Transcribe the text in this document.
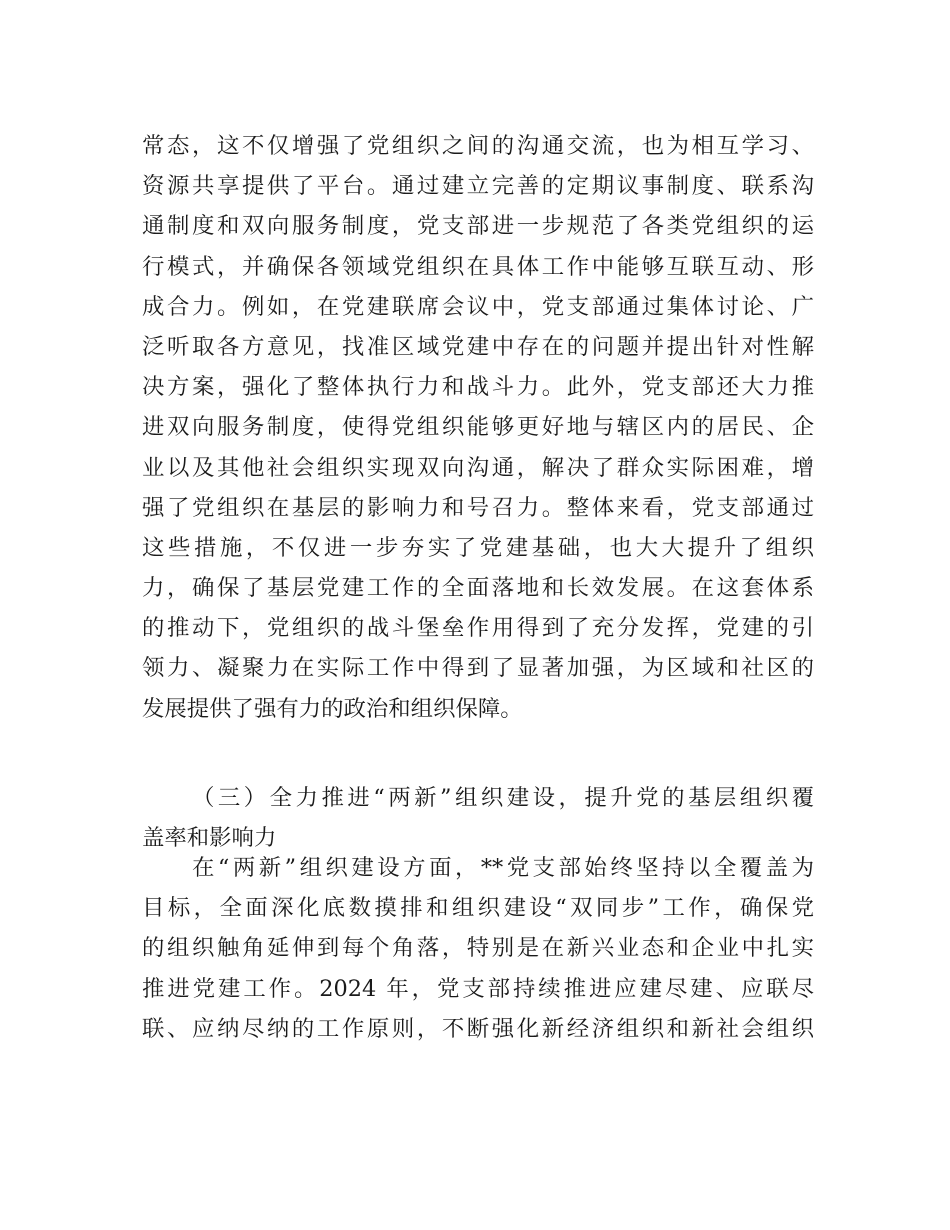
常态，这不仅增强了党组织之间的沟通交流，也为相互学习、
资源共享提供了平台。通过建立完善的定期议事制度、联系沟
通制度和双向服务制度，党支部进一步规范了各类党组织的运
行模式，并确保各领域党组织在具体工作中能够互联互动、形
成合力。例如，在党建联席会议中，党支部通过集体讨论、广
泛听取各方意见，找准区域党建中存在的问题并提出针对性解
决方案，强化了整体执行力和战斗力。此外，党支部还大力推
进双向服务制度，使得党组织能够更好地与辖区内的居民、企
业以及其他社会组织实现双向沟通，解决了群众实际困难，增
强了党组织在基层的影响力和号召力。整体来看，党支部通过
这些措施，不仅进一步夯实了党建基础，也大大提升了组织
力，确保了基层党建工作的全面落地和长效发展。在这套体系
的推动下，党组织的战斗堡垒作用得到了充分发挥，党建的引
领力、凝聚力在实际工作中得到了显著加强，为区域和社区的
发展提供了强有力的政治和组织保障。
（三）全力推进“两新”组织建设，提升党的基层组织覆
盖率和影响力
在“两新”组织建设方面，**党支部始终坚持以全覆盖为
目标，全面深化底数摸排和组织建设“双同步”工作，确保党
的组织触角延伸到每个角落，特别是在新兴业态和企业中扎实
推进党建工作。2024 年，党支部持续推进应建尽建、应联尽
联、应纳尽纳的工作原则，不断强化新经济组织和新社会组织
